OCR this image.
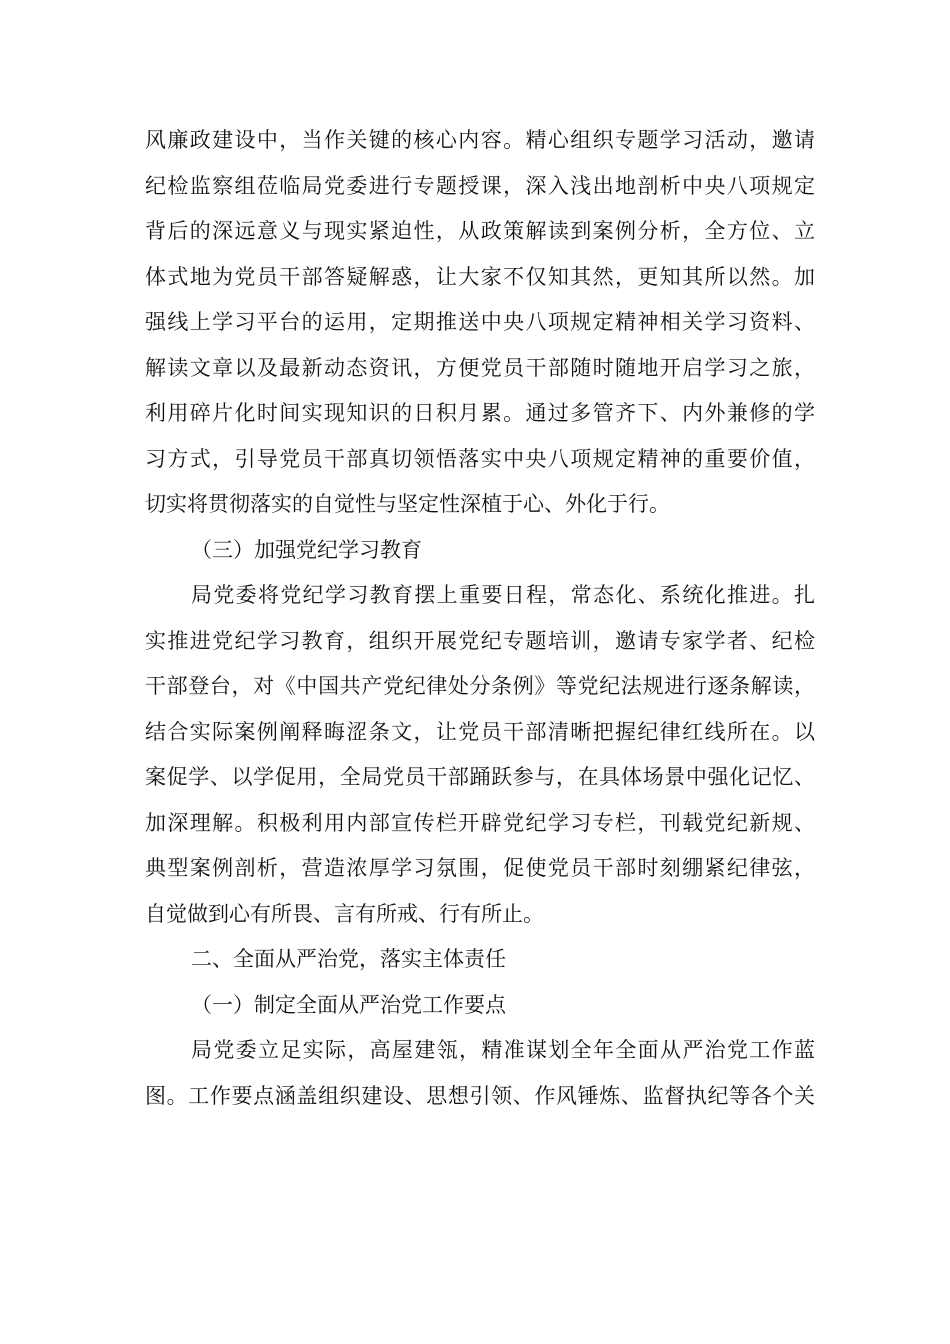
风廉政建设中，当作关键的核心内容。精心组织专题学习活动，邀请
纪检监察组莅临局党委进行专题授课，深入浅出地剖析中央八项规定
背后的深远意义与现实紧迫性，从政策解读到案例分析，全方位、立
体式地为党员干部答疑解惑，让大家不仅知其然，更知其所以然。加
强线上学习平台的运用，定期推送中央八项规定精神相关学习资料、
解读文章以及最新动态资讯，方便党员干部随时随地开启学习之旅，
利用碎片化时间实现知识的日积月累。通过多管齐下、内外兼修的学
习方式，引导党员干部真切领悟落实中央八项规定精神的重要价值，
切实将贯彻落实的自觉性与坚定性深植于心、外化于行。
（三）加强党纪学习教育
局党委将党纪学习教育摆上重要日程，常态化、系统化推进。扎
实推进党纪学习教育，组织开展党纪专题培训，邀请专家学者、纪检
干部登台，对《中国共产党纪律处分条例》等党纪法规进行逐条解读，
结合实际案例阐释晦涩条文，让党员干部清晰把握纪律红线所在。以
案促学、以学促用，全局党员干部踊跃参与，在具体场景中强化记忆、
加深理解。积极利用内部宣传栏开辟党纪学习专栏，刊载党纪新规、
典型案例剖析，营造浓厚学习氛围，促使党员干部时刻绷紧纪律弦，
自觉做到心有所畏、言有所戒、行有所止。
二、全面从严治党，落实主体责任
（一）制定全面从严治党工作要点
局党委立足实际，高屋建瓴，精准谋划全年全面从严治党工作蓝
图。工作要点涵盖组织建设、思想引领、作风锤炼、监督执纪等各个关
